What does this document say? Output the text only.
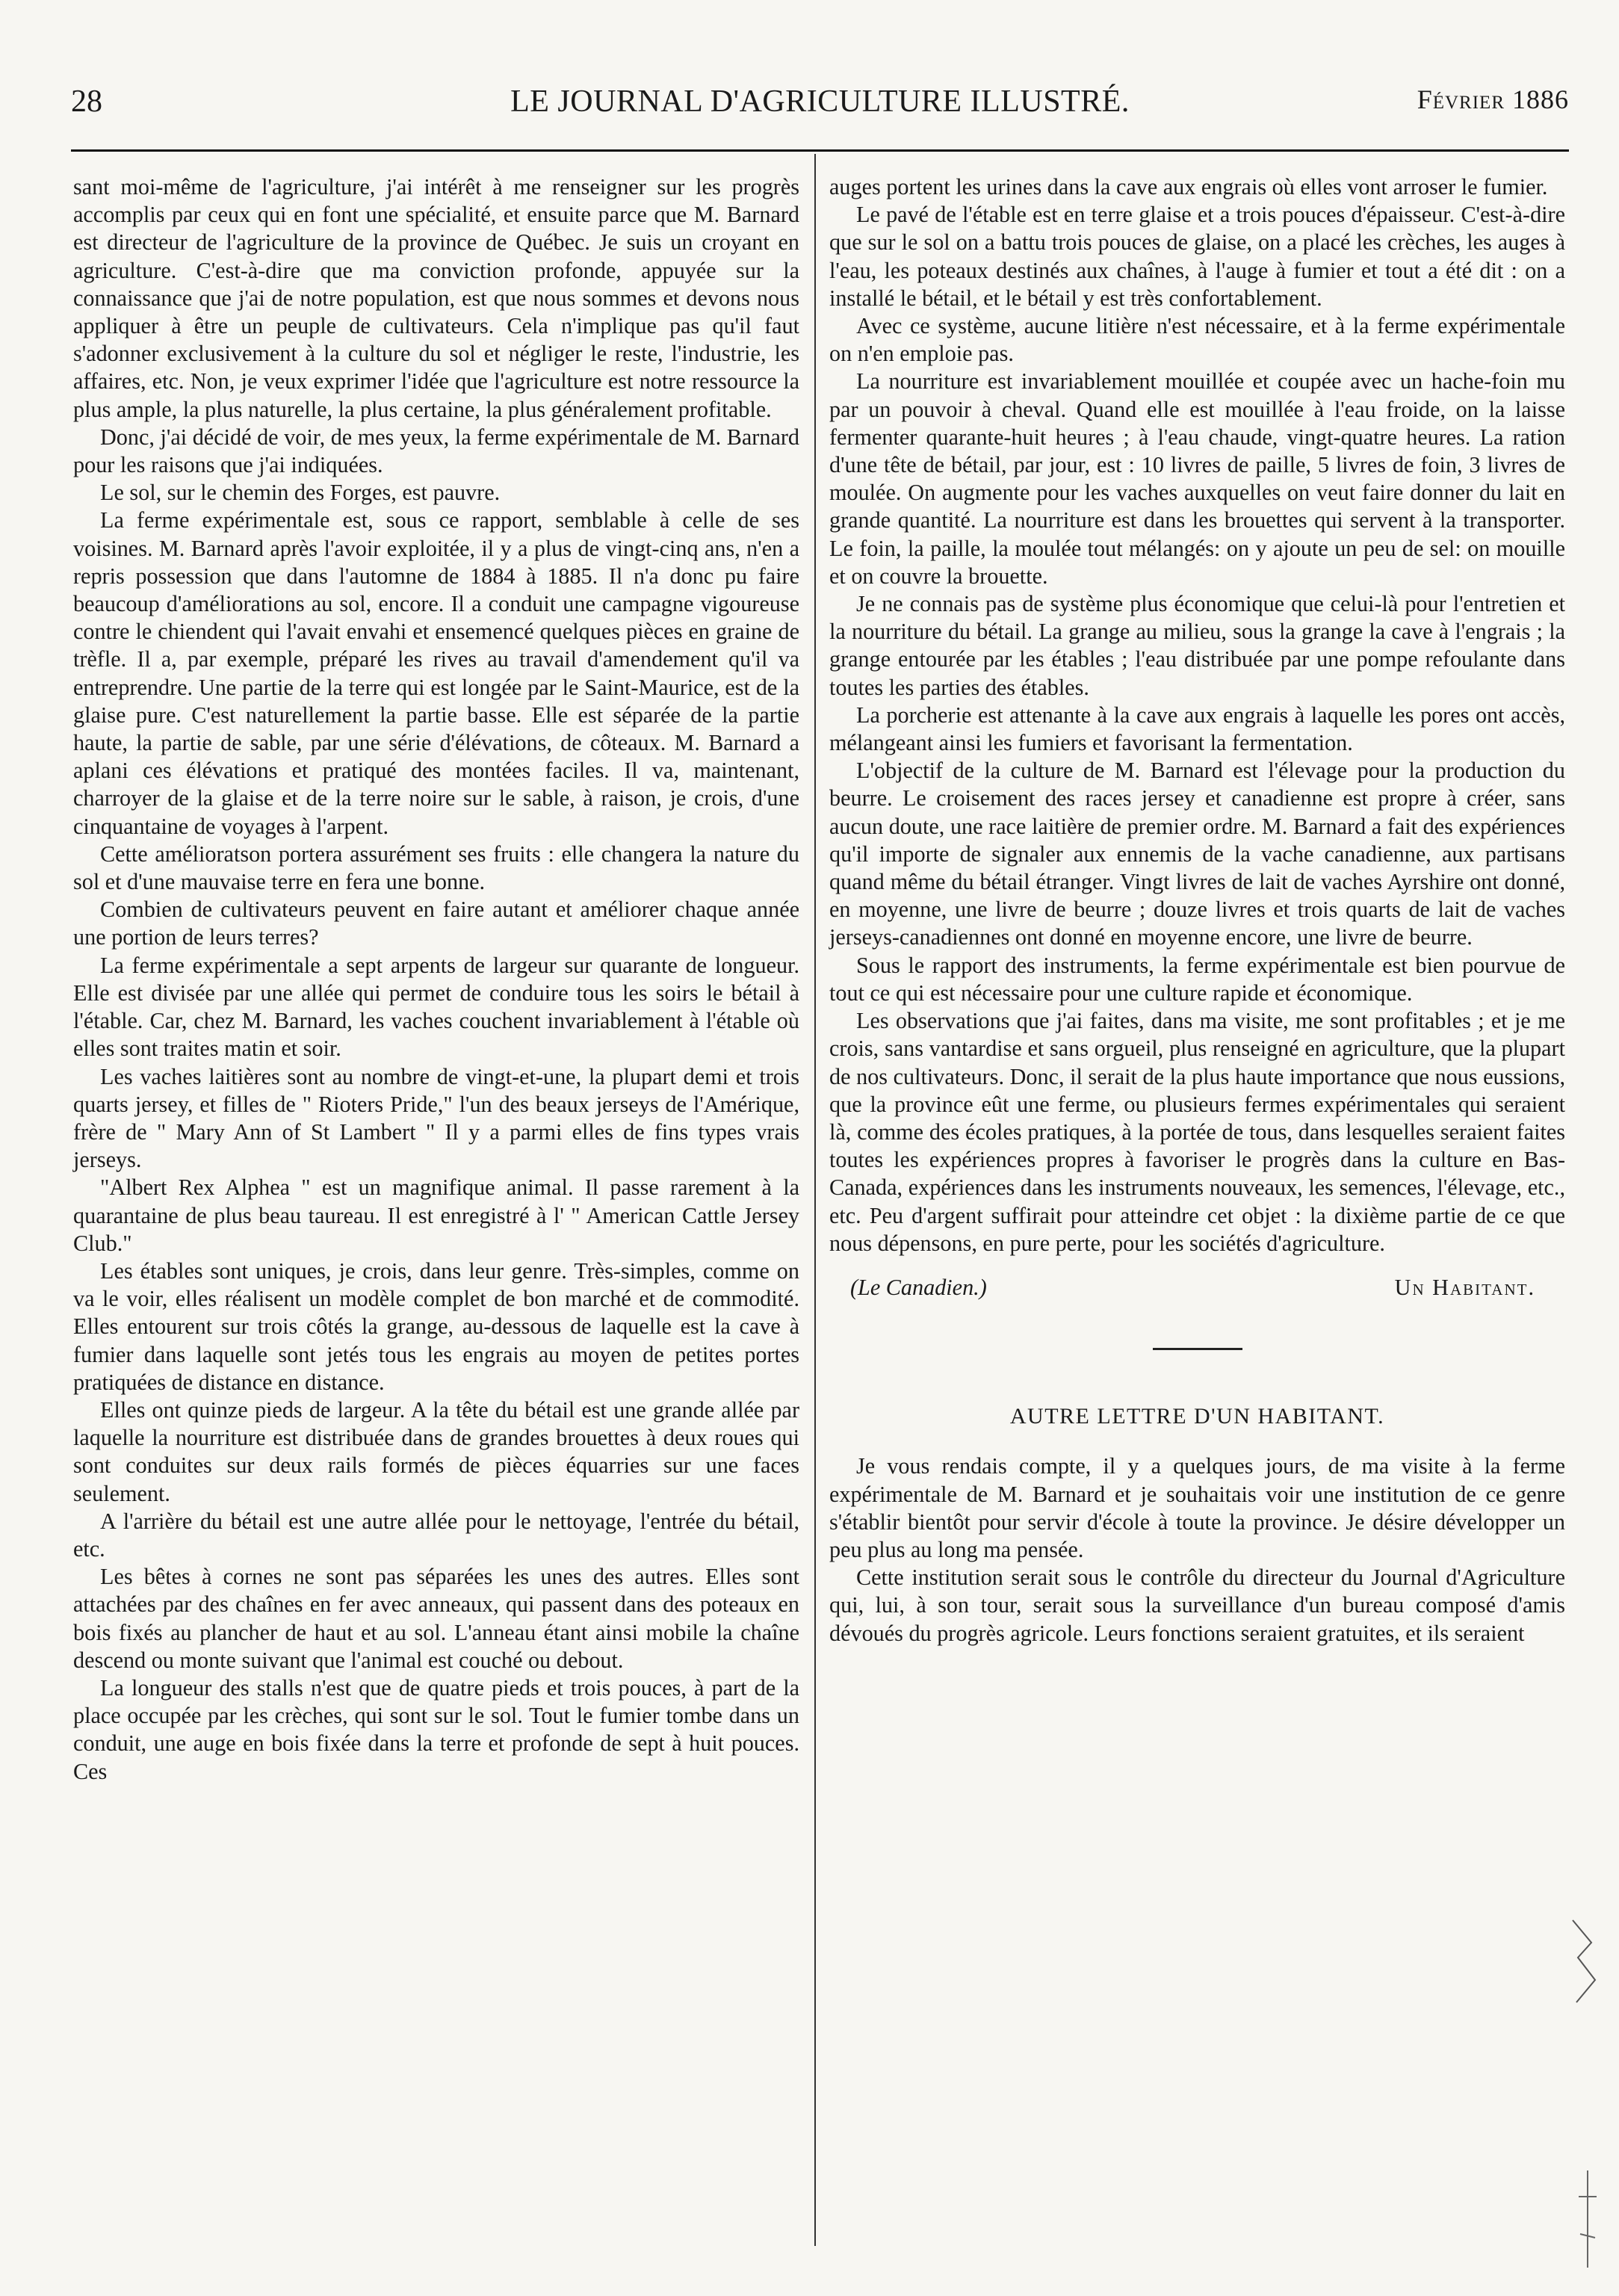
28	LE JOURNAL D'AGRICULTURE ILLUSTRÉ.	Février 1886

sant moi-même de l'agriculture, j'ai intérêt à me renseigner sur les progrès accomplis par ceux qui en font une spécialité, et ensuite parce que M. Barnard est directeur de l'agriculture de la province de Québec. Je suis un croyant en agriculture. C'est-à-dire que ma conviction profonde, appuyée sur la connaissance que j'ai de notre population, est que nous sommes et devons nous appliquer à être un peuple de cultivateurs. Cela n'implique pas qu'il faut s'adonner exclusivement à la culture du sol et négliger le reste, l'industrie, les affaires, etc. Non, je veux exprimer l'idée que l'agriculture est notre ressource la plus ample, la plus naturelle, la plus certaine, la plus généralement profitable.

Donc, j'ai décidé de voir, de mes yeux, la ferme expérimentale de M. Barnard pour les raisons que j'ai indiquées.

Le sol, sur le chemin des Forges, est pauvre.

La ferme expérimentale est, sous ce rapport, semblable à celle de ses voisines. M. Barnard après l'avoir exploitée, il y a plus de vingt-cinq ans, n'en a repris possession que dans l'automne de 1884 à 1885. Il n'a donc pu faire beaucoup d'améliorations au sol, encore. Il a conduit une campagne vigoureuse contre le chiendent qui l'avait envahi et ensemencé quelques pièces en graine de trèfle. Il a, par exemple, préparé les rives au travail d'amendement qu'il va entreprendre. Une partie de la terre qui est longée par le Saint-Maurice, est de la glaise pure. C'est naturellement la partie basse. Elle est séparée de la partie haute, la partie de sable, par une série d'élévations, de côteaux. M. Barnard a aplani ces élévations et pratiqué des montées faciles. Il va, maintenant, charroyer de la glaise et de la terre noire sur le sable, à raison, je crois, d'une cinquantaine de voyages à l'arpent.

Cette amélioratson portera assurément ses fruits : elle changera la nature du sol et d'une mauvaise terre en fera une bonne.

Combien de cultivateurs peuvent en faire autant et améliorer chaque année une portion de leurs terres?

La ferme expérimentale a sept arpents de largeur sur quarante de longueur. Elle est divisée par une allée qui permet de conduire tous les soirs le bétail à l'étable. Car, chez M. Barnard, les vaches couchent invariablement à l'étable où elles sont traites matin et soir.

Les vaches laitières sont au nombre de vingt-et-une, la plupart demi et trois quarts jersey, et filles de " Rioters Pride," l'un des beaux jerseys de l'Amérique, frère de " Mary Ann of St Lambert " Il y a parmi elles de fins types vrais jerseys.

"Albert Rex Alphea " est un magnifique animal. Il passe rarement à la quarantaine de plus beau taureau. Il est enregistré à l' " American Cattle Jersey Club."

Les étables sont uniques, je crois, dans leur genre. Très-simples, comme on va le voir, elles réalisent un modèle complet de bon marché et de commodité. Elles entourent sur trois côtés la grange, au-dessous de laquelle est la cave à fumier dans laquelle sont jetés tous les engrais au moyen de petites portes pratiquées de distance en distance.

Elles ont quinze pieds de largeur. A la tête du bétail est une grande allée par laquelle la nourriture est distribuée dans de grandes brouettes à deux roues qui sont conduites sur deux rails formés de pièces équarries sur une faces seulement.

A l'arrière du bétail est une autre allée pour le nettoyage, l'entrée du bétail, etc.

Les bêtes à cornes ne sont pas séparées les unes des autres. Elles sont attachées par des chaînes en fer avec anneaux, qui passent dans des poteaux en bois fixés au plancher de haut et au sol. L'anneau étant ainsi mobile la chaîne descend ou monte suivant que l'animal est couché ou debout.

La longueur des stalls n'est que de quatre pieds et trois pouces, à part de la place occupée par les crèches, qui sont sur le sol. Tout le fumier tombe dans un conduit, une auge en bois fixée dans la terre et profonde de sept à huit pouces. Ces

auges portent les urines dans la cave aux engrais où elles vont arroser le fumier.

Le pavé de l'étable est en terre glaise et a trois pouces d'épaisseur. C'est-à-dire que sur le sol on a battu trois pouces de glaise, on a placé les crèches, les auges à l'eau, les poteaux destinés aux chaînes, à l'auge à fumier et tout a été dit : on a installé le bétail, et le bétail y est très confortablement.

Avec ce système, aucune litière n'est nécessaire, et à la ferme expérimentale on n'en emploie pas.

La nourriture est invariablement mouillée et coupée avec un hache-foin mu par un pouvoir à cheval. Quand elle est mouillée à l'eau froide, on la laisse fermenter quarante-huit heures ; à l'eau chaude, vingt-quatre heures. La ration d'une tête de bétail, par jour, est : 10 livres de paille, 5 livres de foin, 3 livres de moulée. On augmente pour les vaches auxquelles on veut faire donner du lait en grande quantité. La nourriture est dans les brouettes qui servent à la transporter. Le foin, la paille, la moulée tout mélangés: on y ajoute un peu de sel: on mouille et on couvre la brouette.

Je ne connais pas de système plus économique que celui-là pour l'entretien et la nourriture du bétail. La grange au milieu, sous la grange la cave à l'engrais ; la grange entourée par les étables ; l'eau distribuée par une pompe refoulante dans toutes les parties des étables.

La porcherie est attenante à la cave aux engrais à laquelle les pores ont accès, mélangeant ainsi les fumiers et favorisant la fermentation.

L'objectif de la culture de M. Barnard est l'élevage pour la production du beurre. Le croisement des races jersey et canadienne est propre à créer, sans aucun doute, une race laitière de premier ordre. M. Barnard a fait des expériences qu'il importe de signaler aux ennemis de la vache canadienne, aux partisans quand même du bétail étranger. Vingt livres de lait de vaches Ayrshire ont donné, en moyenne, une livre de beurre ; douze livres et trois quarts de lait de vaches jerseys-canadiennes ont donné en moyenne encore, une livre de beurre.

Sous le rapport des instruments, la ferme expérimentale est bien pourvue de tout ce qui est nécessaire pour une culture rapide et économique.

Les observations que j'ai faites, dans ma visite, me sont profitables ; et je me crois, sans vantardise et sans orgueil, plus renseigné en agriculture, que la plupart de nos cultivateurs. Donc, il serait de la plus haute importance que nous eussions, que la province eût une ferme, ou plusieurs fermes expérimentales qui seraient là, comme des écoles pratiques, à la portée de tous, dans lesquelles seraient faites toutes les expériences propres à favoriser le progrès dans la culture en Bas-Canada, expériences dans les instruments nouveaux, les semences, l'élevage, etc., etc. Peu d'argent suffirait pour atteindre cet objet : la dixième partie de ce que nous dépensons, en pure perte, pour les sociétés d'agriculture.

(Le Canadien.)	Un Habitant.
AUTRE LETTRE D'UN HABITANT.

Je vous rendais compte, il y a quelques jours, de ma visite à la ferme expérimentale de M. Barnard et je souhaitais voir une institution de ce genre s'établir bientôt pour servir d'école à toute la province. Je désire développer un peu plus au long ma pensée.

Cette institution serait sous le contrôle du directeur du Journal d'Agriculture qui, lui, à son tour, serait sous la surveillance d'un bureau composé d'amis dévoués du progrès agricole. Leurs fonctions seraient gratuites, et ils seraient
